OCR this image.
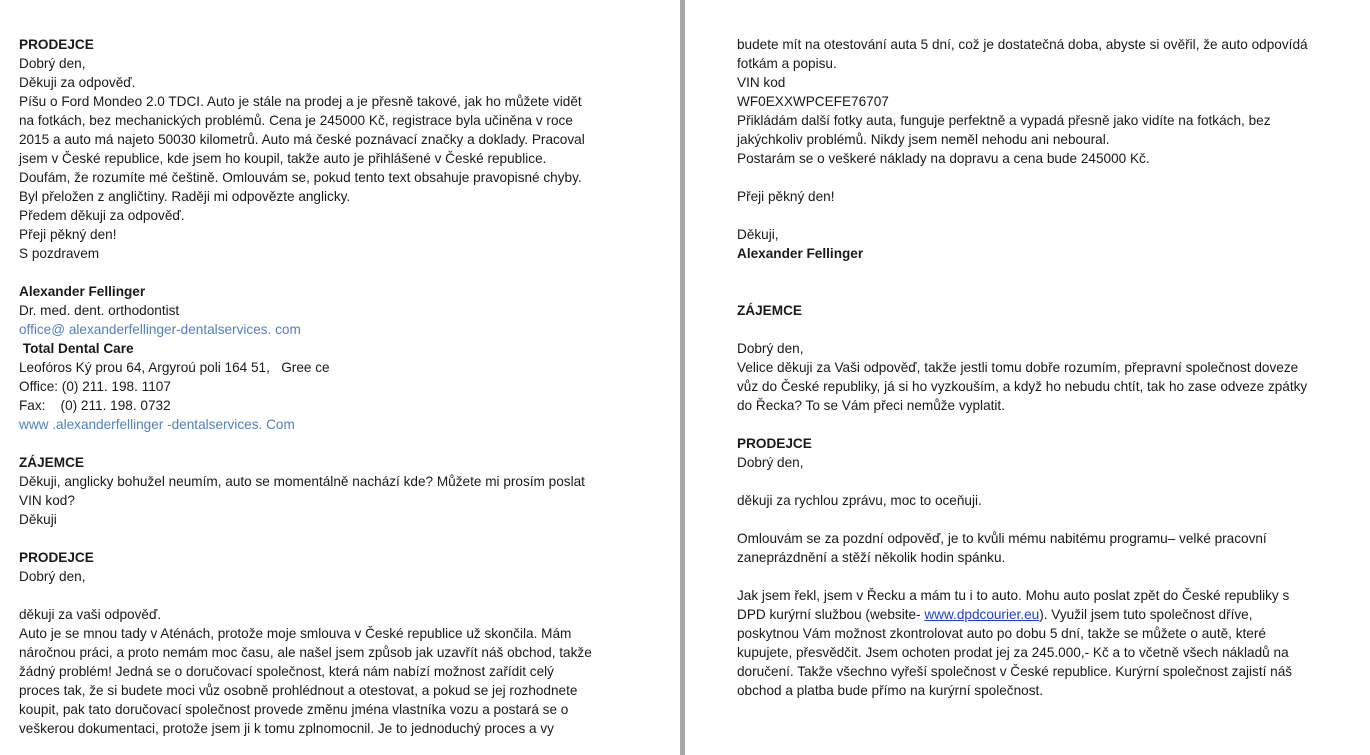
PRODEJCE
Dobrý den,
Děkuji za odpověď.
Píšu o Ford Mondeo 2.0 TDCI. Auto je stále na prodej a je přesně takové, jak ho můžete vidět
na fotkách, bez mechanických problémů. Cena je 245000 Kč, registrace byla učiněna v roce
2015 a auto má najeto 50030 kilometrů. Auto má české poznávací značky a doklady. Pracoval
jsem v České republice, kde jsem ho koupil, takže auto je přihlášené v České republice.
Doufám, že rozumíte mé češtině. Omlouvám se, pokud tento text obsahuje pravopisné chyby.
Byl přeložen z angličtiny. Raději mi odpovězte anglicky.
Předem děkuji za odpověď.
Přeji pěkný den!
S pozdravem
Alexander Fellinger
Dr. med. dent. orthodontist
office@ alexanderfellinger-dentalservices. com
Total Dental Care
Leofóros Ký prou 64, Argyroú poli 164 51,   Gree ce
Office: (0) 211. 198. 1107
Fax:    (0) 211. 198. 0732
www .alexanderfellinger -dentalservices. Com
ZÁJEMCE
Děkuji, anglicky bohužel neumím, auto se momentálně nachází kde? Můžete mi prosím poslat
VIN kod?
Děkuji
PRODEJCE
Dobrý den,
děkuji za vaši odpověď.
Auto je se mnou tady v Aténách, protože moje smlouva v České republice už skončila. Mám
náročnou práci, a proto nemám moc času, ale našel jsem způsob jak uzavřít náš obchod, takže
žádný problém! Jedná se o doručovací společnost, která nám nabízí možnost zařídit celý
proces tak, že si budete moci vůz osobně prohlédnout a otestovat, a pokud se jej rozhodnete
koupit, pak tato doručovací společnost provede změnu jména vlastníka vozu a postará se o
veškerou dokumentaci, protože jsem ji k tomu zplnomocnil. Je to jednoduchý proces a vy
budete mít na otestování auta 5 dní, což je dostatečná doba, abyste si ověřil, že auto odpovídá
fotkám a popisu.
VIN kod
WF0EXXWPCEFE76707
Přikládám další fotky auta, funguje perfektně a vypadá přesně jako vidíte na fotkách, bez
jakýchkoliv problémů. Nikdy jsem neměl nehodu ani neboural.
Postarám se o veškeré náklady na dopravu a cena bude 245000 Kč.
Přeji pěkný den!
Děkuji,
Alexander Fellinger
ZÁJEMCE
Dobrý den,
Velice děkuji za Vaši odpověď, takže jestli tomu dobře rozumím, přepravní společnost doveze
vůz do České republiky, já si ho vyzkouším, a když ho nebudu chtít, tak ho zase odveze zpátky
do Řecka? To se Vám přeci nemůže vyplatit.
PRODEJCE
Dobrý den,
děkuji za rychlou zprávu, moc to oceňuji.
Omlouvám se za pozdní odpověď, je to kvůli mému nabitému programu– velké pracovní
zaneprázdnění a stěží několik hodin spánku.
Jak jsem řekl, jsem v Řecku a mám tu i to auto. Mohu auto poslat zpět do České republiky s
DPD kurýrní službou (website- www.dpdcourier.eu). Využil jsem tuto společnost dříve,
poskytnou Vám možnost zkontrolovat auto po dobu 5 dní, takže se můžete o autě, které
kupujete, přesvědčit. Jsem ochoten prodat jej za 245.000,- Kč a to včetně všech nákladů na
doručení. Takže všechno vyřeší společnost v České republice. Kurýrní společnost zajistí náš
obchod a platba bude přímo na kurýrní společnost.
